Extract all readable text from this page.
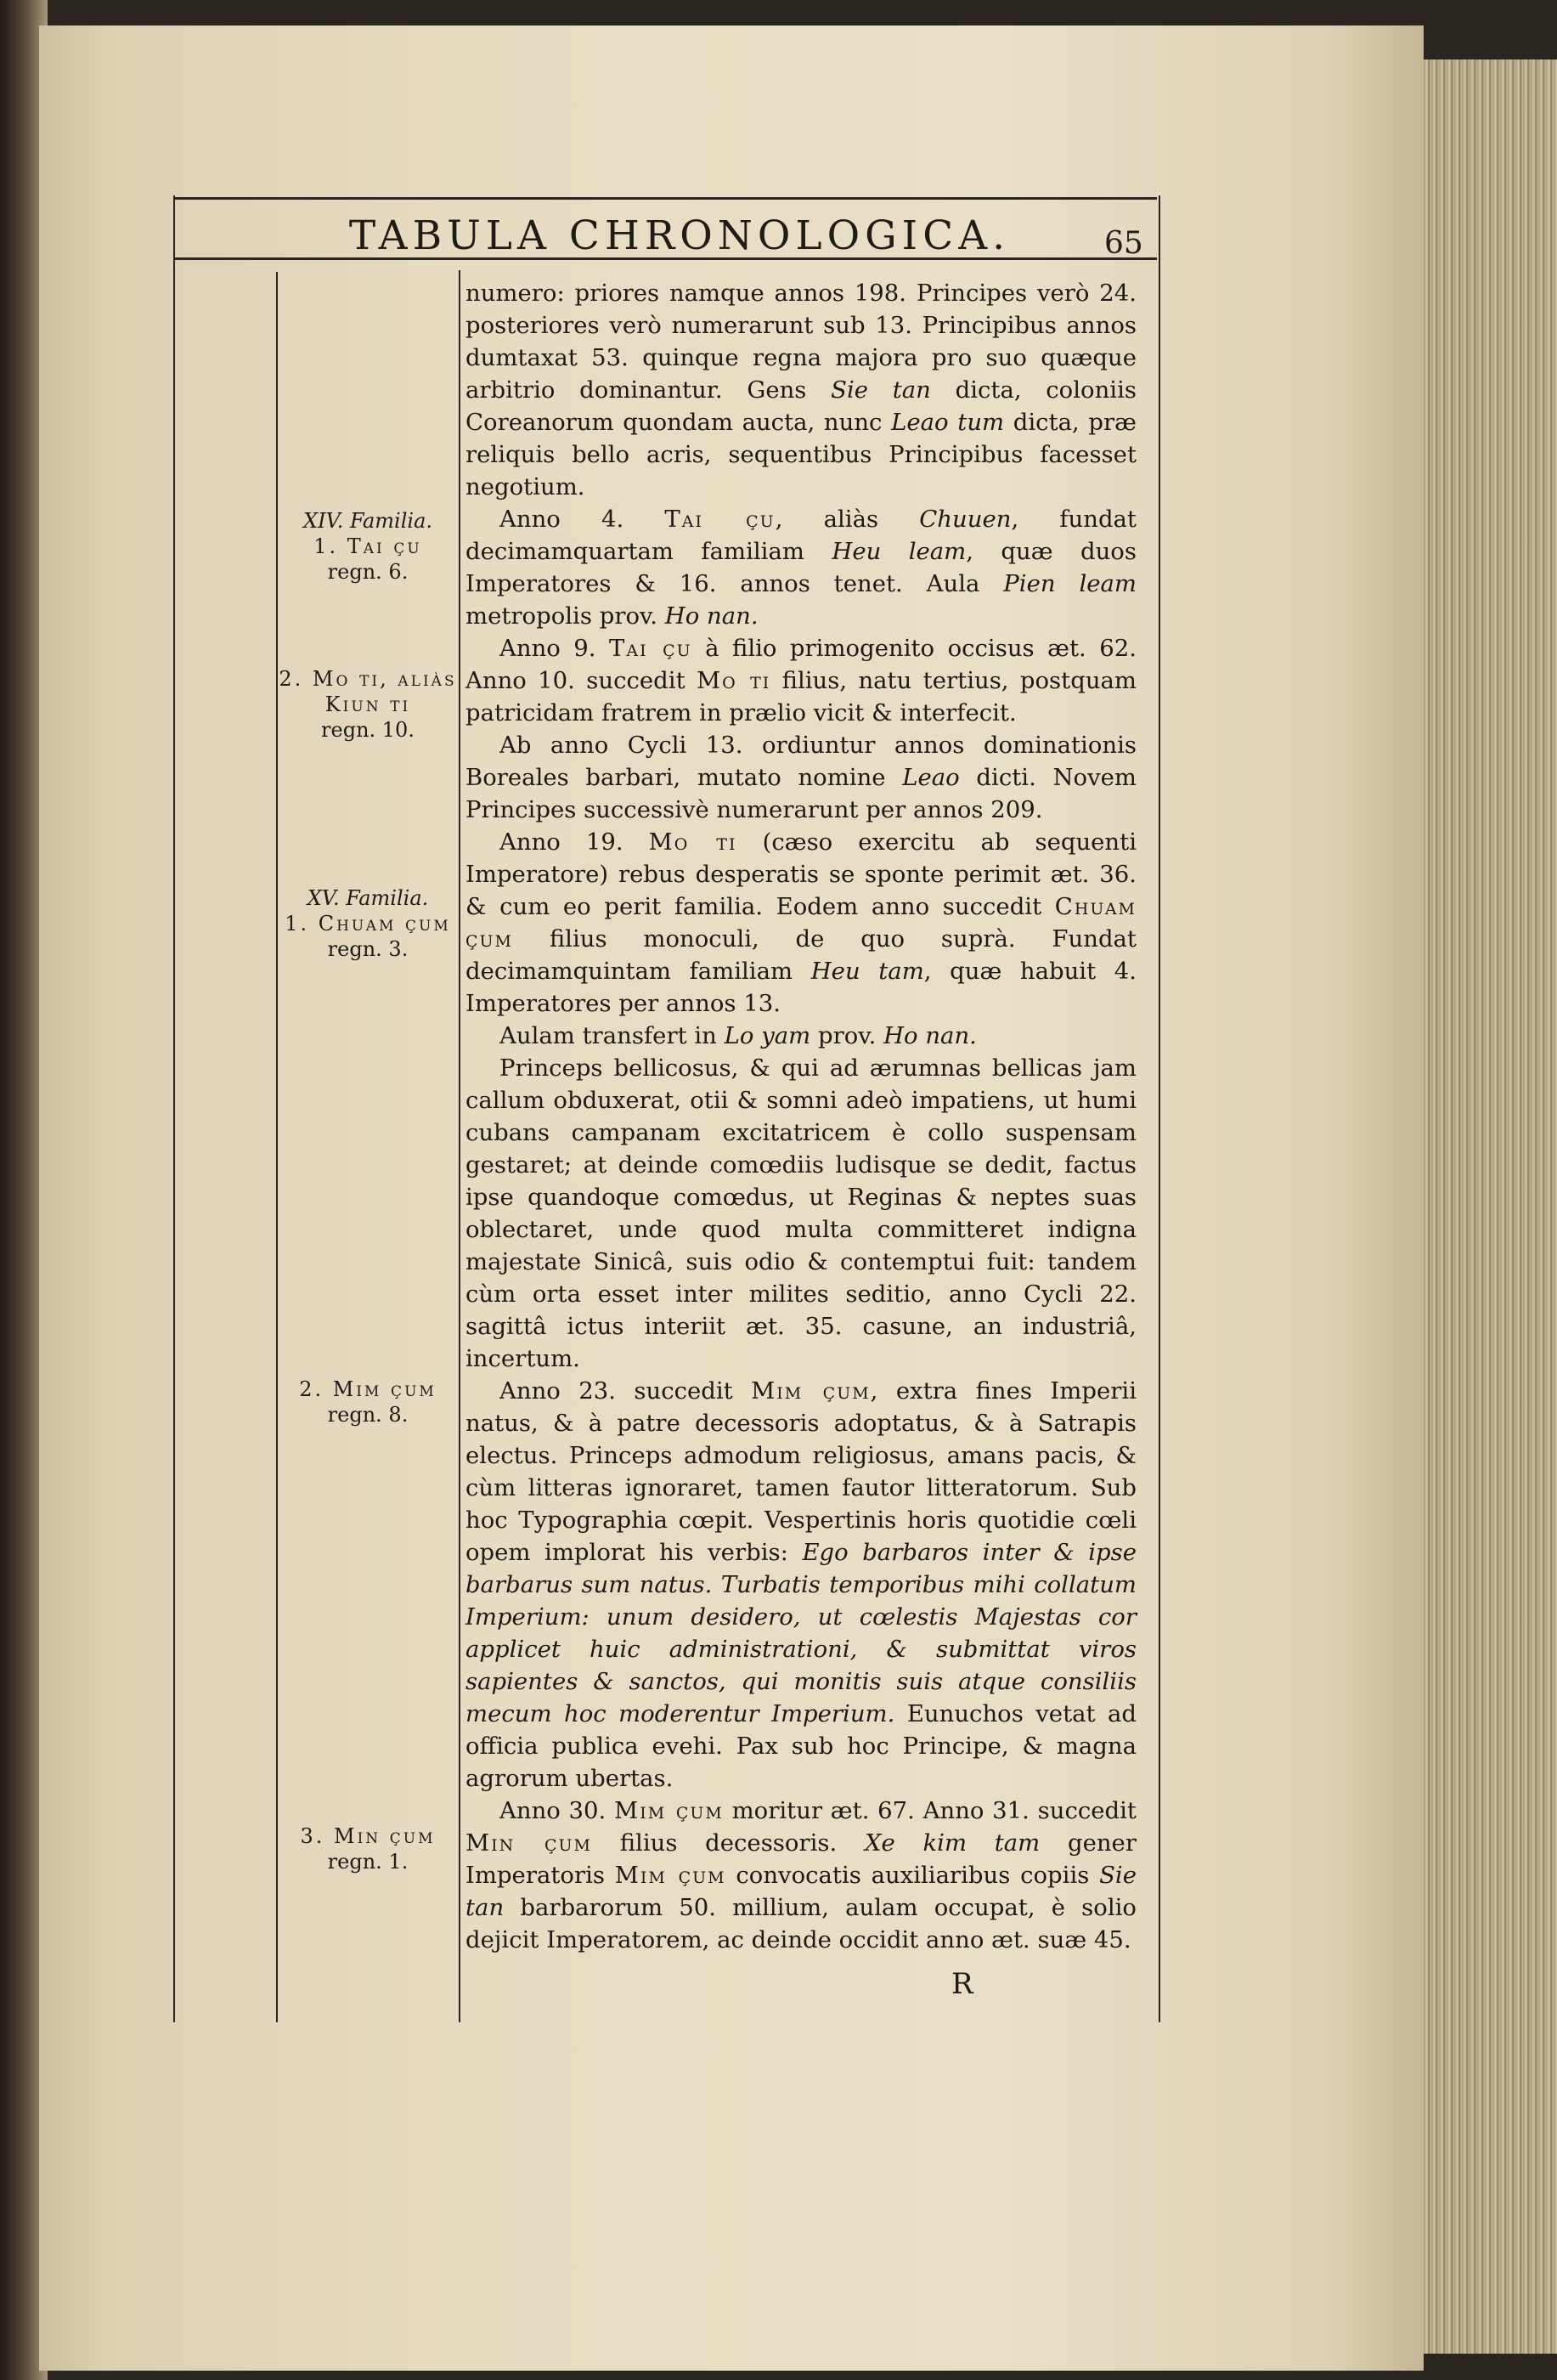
TABULA CHRONOLOGICA.	65
XIV. Familia.
1. Tai çu
regn. 6.
2. Mo ti, aliàs Kiun ti
regn. 10.
XV. Familia.
1. Chuam çum
regn. 3.
2. Mim çum
regn. 8.
3. Min çum
regn. 1.

numero: priores namque annos 198. Principes verò 24. posteriores verò numerarunt sub 13. Principibus annos dumtaxat 53. quinque regna majora pro suo quæque arbitrio dominantur. Gens Sie tan dicta, coloniis Coreanorum quondam aucta, nunc Leao tum dicta, præ reliquis bello acris, sequentibus Principibus facesset negotium.

Anno 4. Tai çu, aliàs Chuuen, fundat decimamquartam familiam Heu leam, quæ duos Imperatores & 16. annos tenet. Aula Pien leam metropolis prov. Ho nan.

Anno 9. Tai çu à filio primogenito occisus æt. 62. Anno 10. succedit Mo ti filius, natu tertius, postquam patricidam fratrem in prælio vicit & interfecit.

Ab anno Cycli 13. ordiuntur annos dominationis Boreales barbari, mutato nomine Leao dicti. Novem Principes successivè numerarunt per annos 209.

Anno 19. Mo ti (cæso exercitu ab sequenti Imperatore) rebus desperatis se sponte perimit æt. 36. & cum eo perit familia. Eodem anno succedit Chuam çum filius monoculi, de quo suprà. Fundat decimamquintam familiam Heu tam, quæ habuit 4. Imperatores per annos 13.

Aulam transfert in Lo yam prov. Ho nan.

Princeps bellicosus, & qui ad ærumnas bellicas jam callum obduxerat, otii & somni adeò impatiens, ut humi cubans campanam excitatricem è collo suspensam gestaret; at deinde comœdiis ludisque se dedit, factus ipse quandoque comœdus, ut Reginas & neptes suas oblectaret, unde quod multa committeret indigna majestate Sinicâ, suis odio & contemptui fuit: tandem cùm orta esset inter milites seditio, anno Cycli 22. sagittâ ictus interiit æt. 35. casune, an industriâ, incertum.

Anno 23. succedit Mim çum, extra fines Imperii natus, & à patre decessoris adoptatus, & à Satrapis electus. Princeps admodum religiosus, amans pacis, & cùm litteras ignoraret, tamen fautor litteratorum. Sub hoc Typographia cœpit. Vespertinis horis quotidie cœli opem implorat his verbis: Ego barbaros inter & ipse barbarus sum natus. Turbatis temporibus mihi collatum Imperium: unum desidero, ut cœlestis Majestas cor applicet huic administrationi, & submittat viros sapientes & sanctos, qui monitis suis atque consiliis mecum hoc moderentur Imperium. Eunuchos vetat ad officia publica evehi. Pax sub hoc Principe, & magna agrorum ubertas.

Anno 30. Mim çum moritur æt. 67. Anno 31. succedit Min çum filius decessoris. Xe kim tam gener Imperatoris Mim çum convocatis auxiliaribus copiis Sie tan barbarorum 50. millium, aulam occupat, è solio dejicit Imperatorem, ac deinde occidit anno æt. suæ 45.

R
